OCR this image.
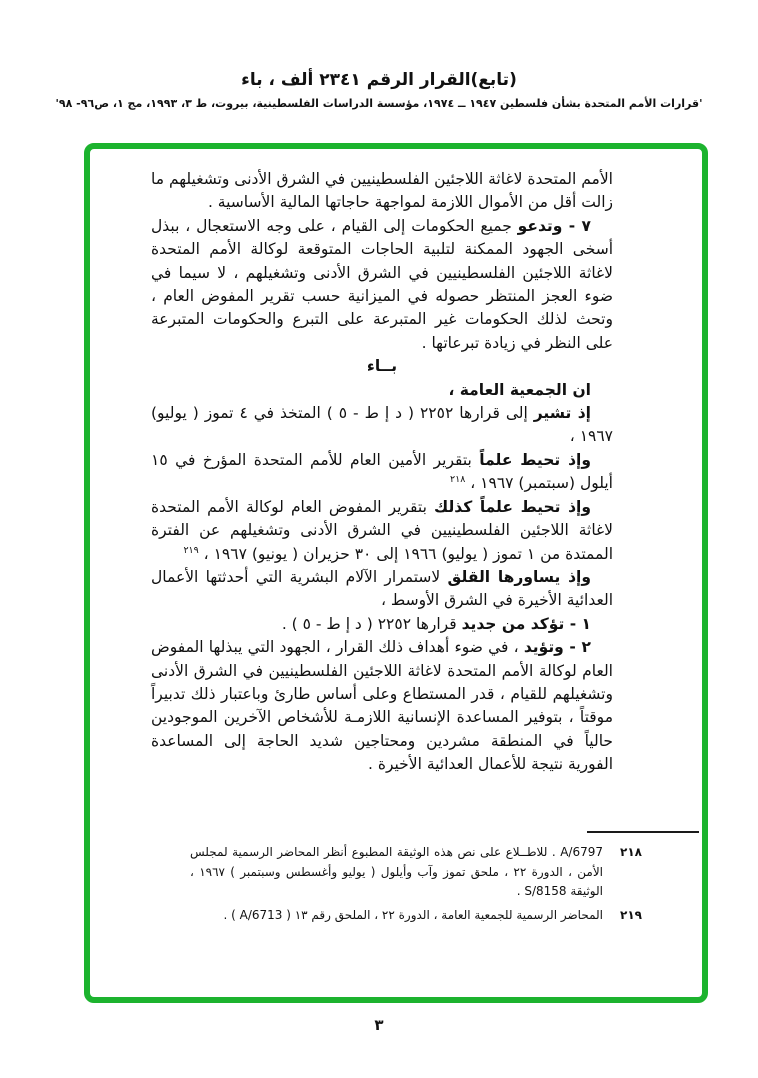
(تابع)القرار الرقم ٢٣٤١ ألف ، باء
'قرارات الأمم المتحدة بشأن فلسطين ١٩٤٧ ــ ١٩٧٤، مؤسسة الدراسات الفلسطينية، بيروت، ط ٣، ١٩٩٣، مج ١، ص٩٦- ٩٨'

الأمم المتحدة لاغاثة اللاجئين الفلسطينيين في الشرق الأدنى وتشغيلهم ما زالت أقل من الأموال اللازمة لمواجهة حاجاتها المالية الأساسية .

٧ - وتدعو جميع الحكومات إلى القيام ، على وجه الاستعجال ، ببذل أسخى الجهود الممكنة لتلبية الحاجات المتوقعة لوكالة الأمم المتحدة لاغاثة اللاجئين الفلسطينيين في الشرق الأدنى وتشغيلهم ، لا سيما في ضوء العجز المنتظر حصوله في الميزانية حسب تقرير المفوض العام ، وتحث لذلك الحكومات غير المتبرعة على التبرع والحكومات المتبرعة على النظر في زيادة تبرعاتها .

بــاء

ان الجمعية العامة ،

إذ تشير إلى قرارها ٢٢٥٢ ( د إ ط - ٥ ) المتخذ في ٤ تموز ( يوليو) ١٩٦٧ ،

وإذ تحيط علماً بتقرير الأمين العام للأمم المتحدة المؤرخ في ١٥ أيلول (سبتمبر) ١٩٦٧ ، $^{٢١٨}$

وإذ تحيط علماً كذلك بتقرير المفوض العام لوكالة الأمم المتحدة لاغاثة اللاجئين الفلسطينيين في الشرق الأدنى وتشغيلهم عن الفترة الممتدة من ١ تموز ( يوليو) ١٩٦٦ إلى ٣٠ حزيران ( يونيو) ١٩٦٧ ، $^{٢١٩}$

وإذ يساورها القلق لاستمرار الآلام البشرية التي أحدثتها الأعمال العدائية الأخيرة في الشرق الأوسط ،

١ - تؤكد من جديد قرارها ٢٢٥٢ ( د إ ط - ٥ ) .

٢ - وتؤيد ، في ضوء أهداف ذلك القرار ، الجهود التي يبذلها المفوض العام لوكالة الأمم المتحدة لاغاثة اللاجئين الفلسطينيين في الشرق الأدنى وتشغيلهم للقيام ، قدر المستطاع وعلى أساس طارئ وباعتبار ذلك تدبيراً موقتاً ، بتوفير المساعدة الإنسانية اللازمـة للأشخاص الآخرين الموجودين حالياً في المنطقة مشردين ومحتاجين شديد الحاجة إلى المساعدة الفورية نتيجة للأعمال العدائية الأخيرة .

٢١٨
A/6797 . للاطــلاع على نص هذه الوثيقة المطبوع أنظر المحاضر الرسمية لمجلس الأمن ، الدورة ٢٢ ، ملحق تموز وآب وأيلول ( يوليو وأغسطس وسبتمبر ) ١٩٦٧ ، الوثيقة S/8158 .
٢١٩
المحاضر الرسمية للجمعية العامة ، الدورة ٢٢ ، الملحق رقم ١٣ ( A/6713 ) .
٣
